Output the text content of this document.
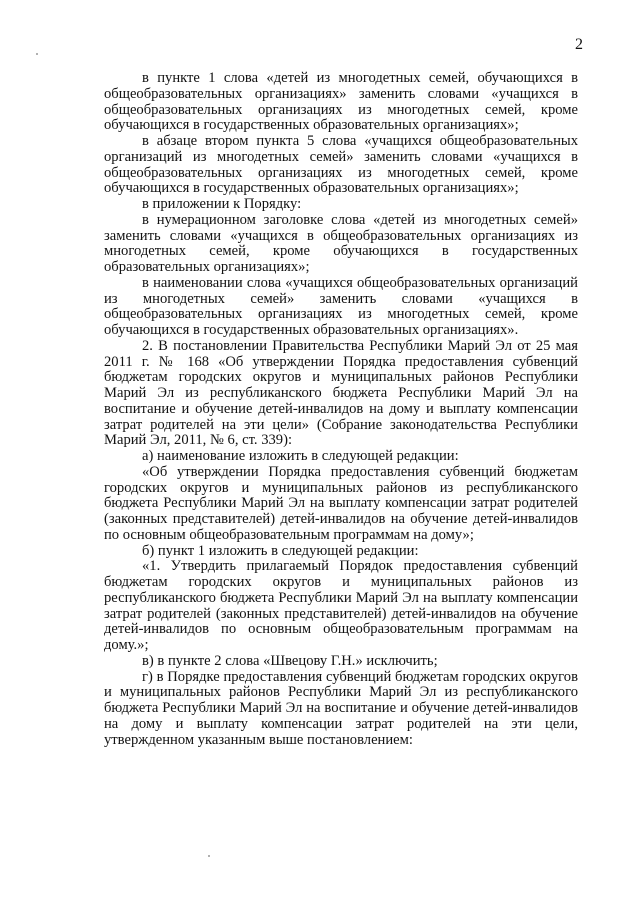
2

в пункте 1 слова «детей из многодетных семей, обучающихся в общеобразовательных организациях» заменить словами «учащихся в общеобразовательных организациях из многодетных семей, кроме обучающихся в государственных образовательных организациях»;

в абзаце втором пункта 5 слова «учащихся общеобразовательных организаций из многодетных семей» заменить словами «учащихся в общеобразовательных организациях из многодетных семей, кроме обучающихся в государственных образовательных организациях»;

в приложении к Порядку:

в нумерационном заголовке слова «детей из многодетных семей» заменить словами «учащихся в общеобразовательных организациях из многодетных семей, кроме обучающихся в государственных образовательных организациях»;

в наименовании слова «учащихся общеобразовательных организаций из многодетных семей» заменить словами «учащихся в общеобразовательных организациях из многодетных семей, кроме обучающихся в государственных образовательных организациях».

2. В постановлении Правительства Республики Марий Эл от 25 мая 2011 г. № 168 «Об утверждении Порядка предоставления субвенций бюджетам городских округов и муниципальных районов Республики Марий Эл из республиканского бюджета Республики Марий Эл на воспитание и обучение детей-инвалидов на дому и выплату компенсации затрат родителей на эти цели» (Собрание законодательства Республики Марий Эл, 2011, № 6, ст. 339):

а) наименование изложить в следующей редакции:

«Об утверждении Порядка предоставления субвенций бюджетам городских округов и муниципальных районов из республиканского бюджета Республики Марий Эл на выплату компенсации затрат родителей (законных представителей) детей-инвалидов на обучение детей-инвалидов по основным общеобразовательным программам на дому»;

б) пункт 1 изложить в следующей редакции:

«1. Утвердить прилагаемый Порядок предоставления субвенций бюджетам городских округов и муниципальных районов из республиканского бюджета Республики Марий Эл на выплату компенсации затрат родителей (законных представителей) детей-инвалидов на обучение детей-инвалидов по основным общеобразовательным программам на дому.»;

в) в пункте 2 слова «Швецову Г.Н.» исключить;

г) в Порядке предоставления субвенций бюджетам городских округов и муниципальных районов Республики Марий Эл из республиканского бюджета Республики Марий Эл на воспитание и обучение детей-инвалидов на дому и выплату компенсации затрат родителей на эти цели, утвержденном указанным выше постановлением:
